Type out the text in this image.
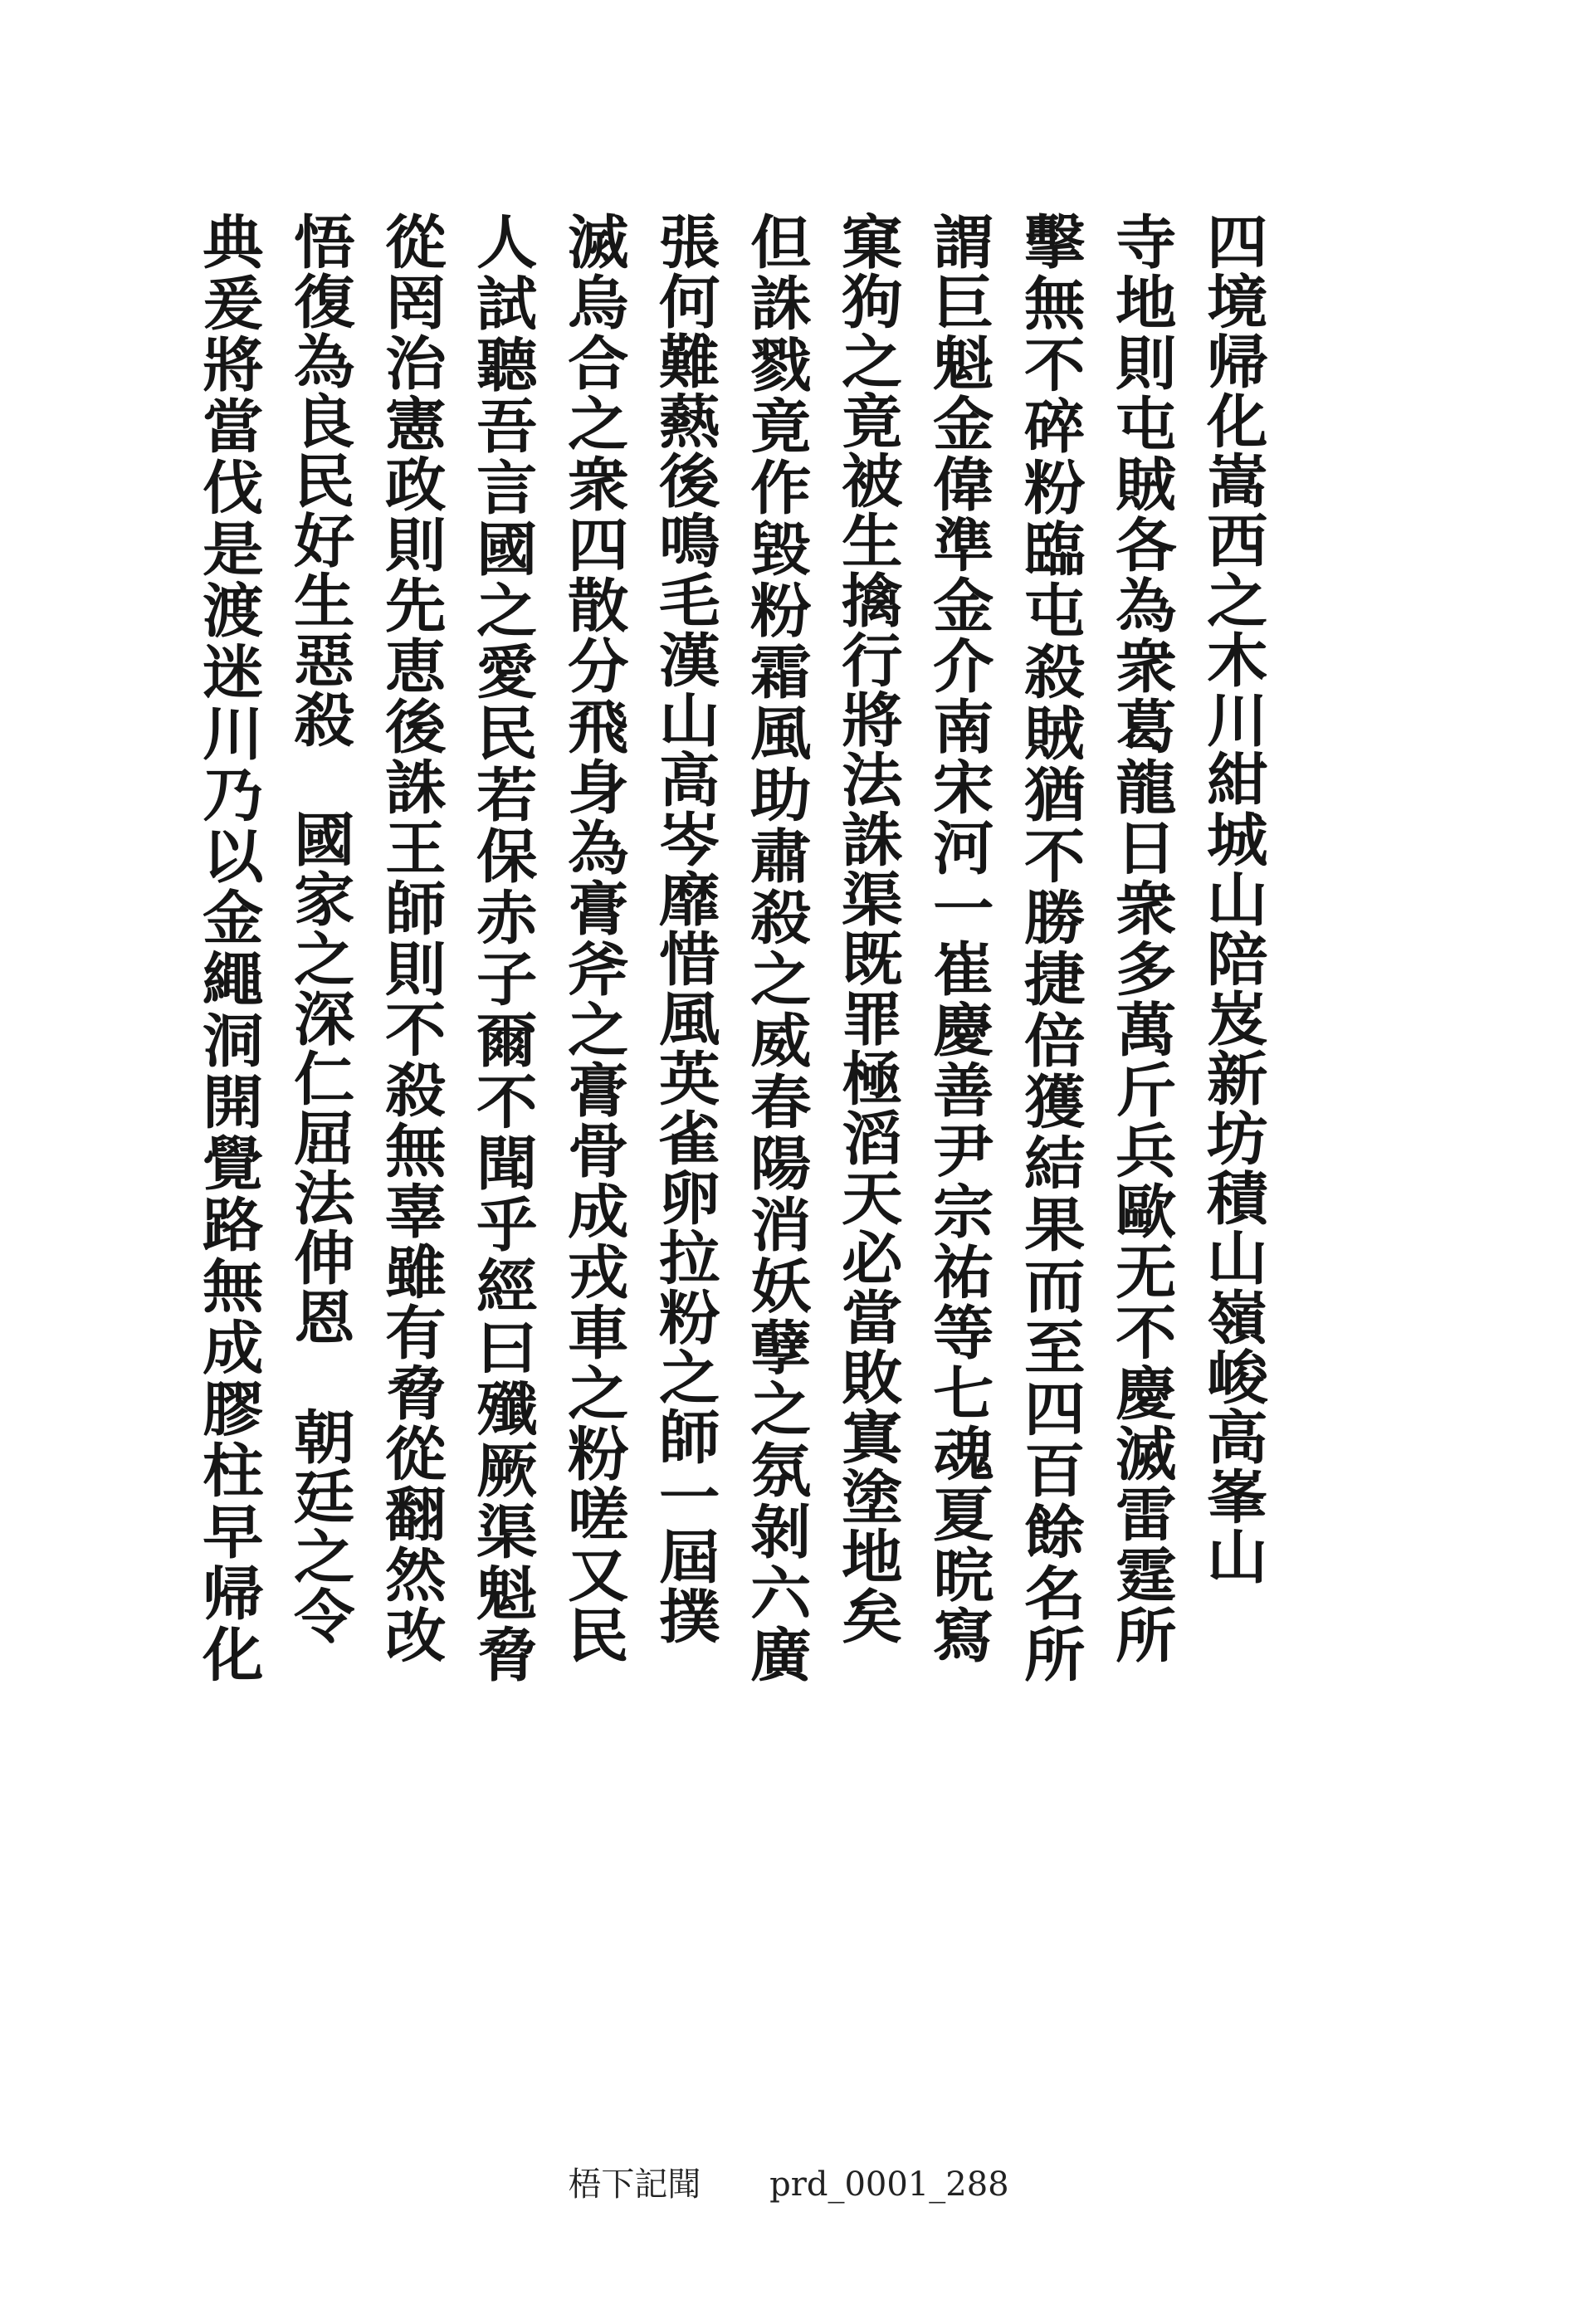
四境帰化嵩西之木川紺城山陪岌新坊積山嶺峻高峯山
寺地則屯賊各為衆葛龍日衆多萬斤兵歐无不慶滅雷霆所
擊無不碎粉臨屯殺賊猶不勝捷倍獲結果而至四百餘名所
謂巨魁金偉準金介南宋河一崔慶善尹宗祐等七魂夏晥寫
窠狗之竟被生擒行將法誅渠既罪極滔天必當敗寘塗地矣
但誅戮竟作毀粉霜風助肅殺之威春陽消妖孽之氛剝六廣
張何難爇後鳴毛漢山高岑靡惜風英雀卵拉粉之師一屆撲
滅烏合之衆四散分飛身為膏斧之膏骨成戎車之粉嗟又民
人試聽吾言國之愛民若保赤子爾不聞乎經曰殲厥渠魁脅
從罔治憲政則先恵後誅王師則不殺無辜雖有脅從翻然改
悟復為良民好生惡殺　國家之深仁屈法伸恩　朝廷之令
典爰將當伐是渡迷川乃以金繩洞開覺路無成膠柱早帰化
梧下記聞 prd_0001_288
